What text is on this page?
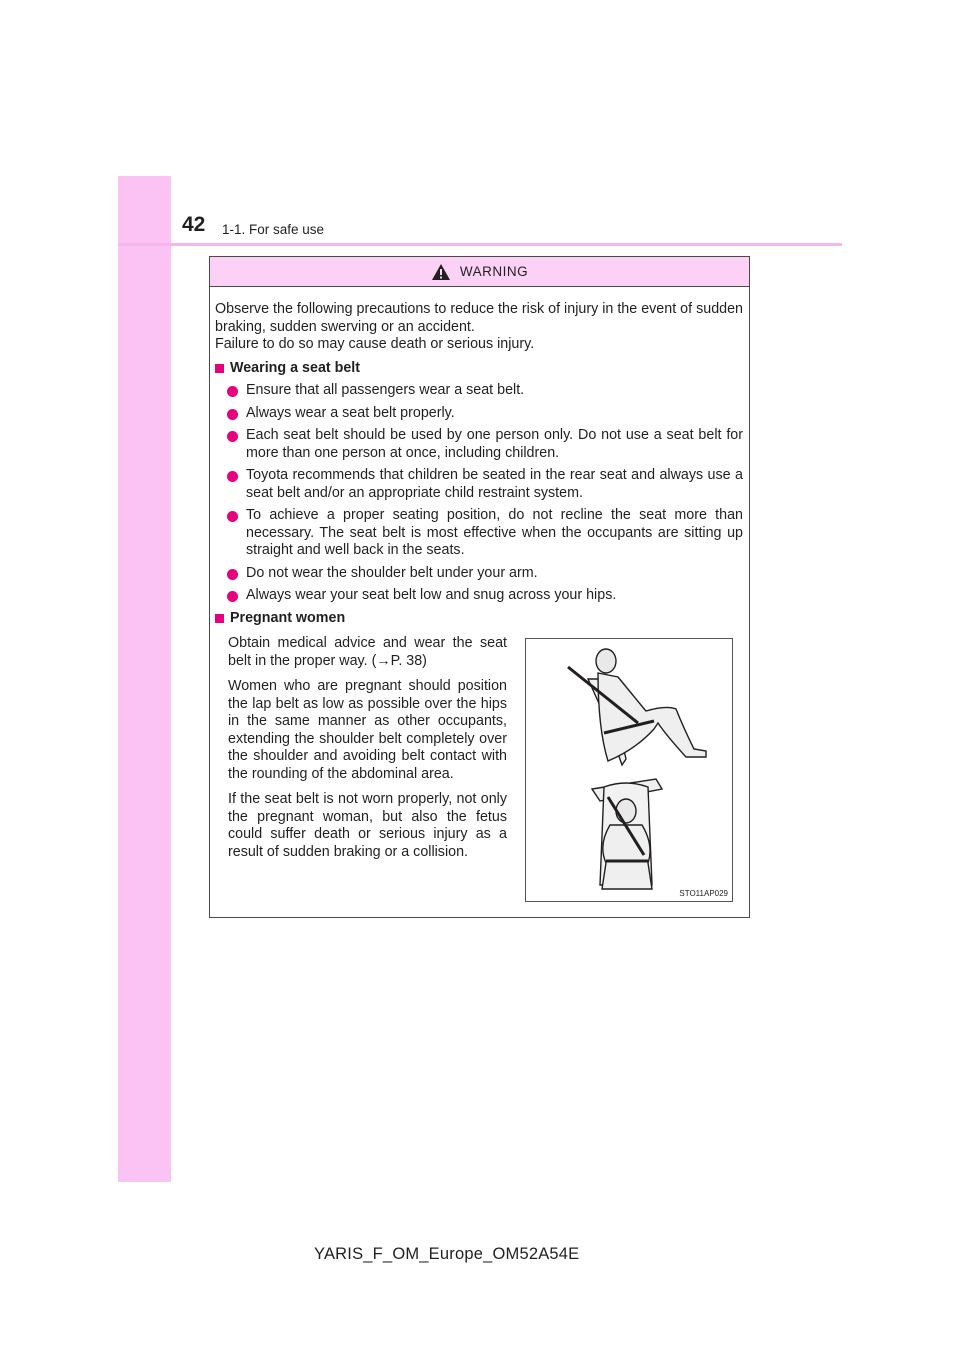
42 1-1. For safe use
WARNING

Observe the following precautions to reduce the risk of injury in the event of sudden braking, sudden swerving or an accident.

Failure to do so may cause death or serious injury.

Wearing a seat belt
Ensure that all passengers wear a seat belt.
Always wear a seat belt properly.
Each seat belt should be used by one person only. Do not use a seat belt for more than one person at once, including children.
Toyota recommends that children be seated in the rear seat and always use a seat belt and/or an appropriate child restraint system.
To achieve a proper seating position, do not recline the seat more than necessary. The seat belt is most effective when the occupants are sitting up straight and well back in the seats.
Do not wear the shoulder belt under your arm.
Always wear your seat belt low and snug across your hips.
Pregnant women

Obtain medical advice and wear the seat belt in the proper way. (→P. 38)

Women who are pregnant should position the lap belt as low as possible over the hips in the same manner as other occupants, extending the shoulder belt completely over the shoulder and avoiding belt contact with the rounding of the abdominal area.

If the seat belt is not worn properly, not only the pregnant woman, but also the fetus could suffer death or serious injury as a result of sudden braking or a collision.

STO11AP029
YARIS_F_OM_Europe_OM52A54E
